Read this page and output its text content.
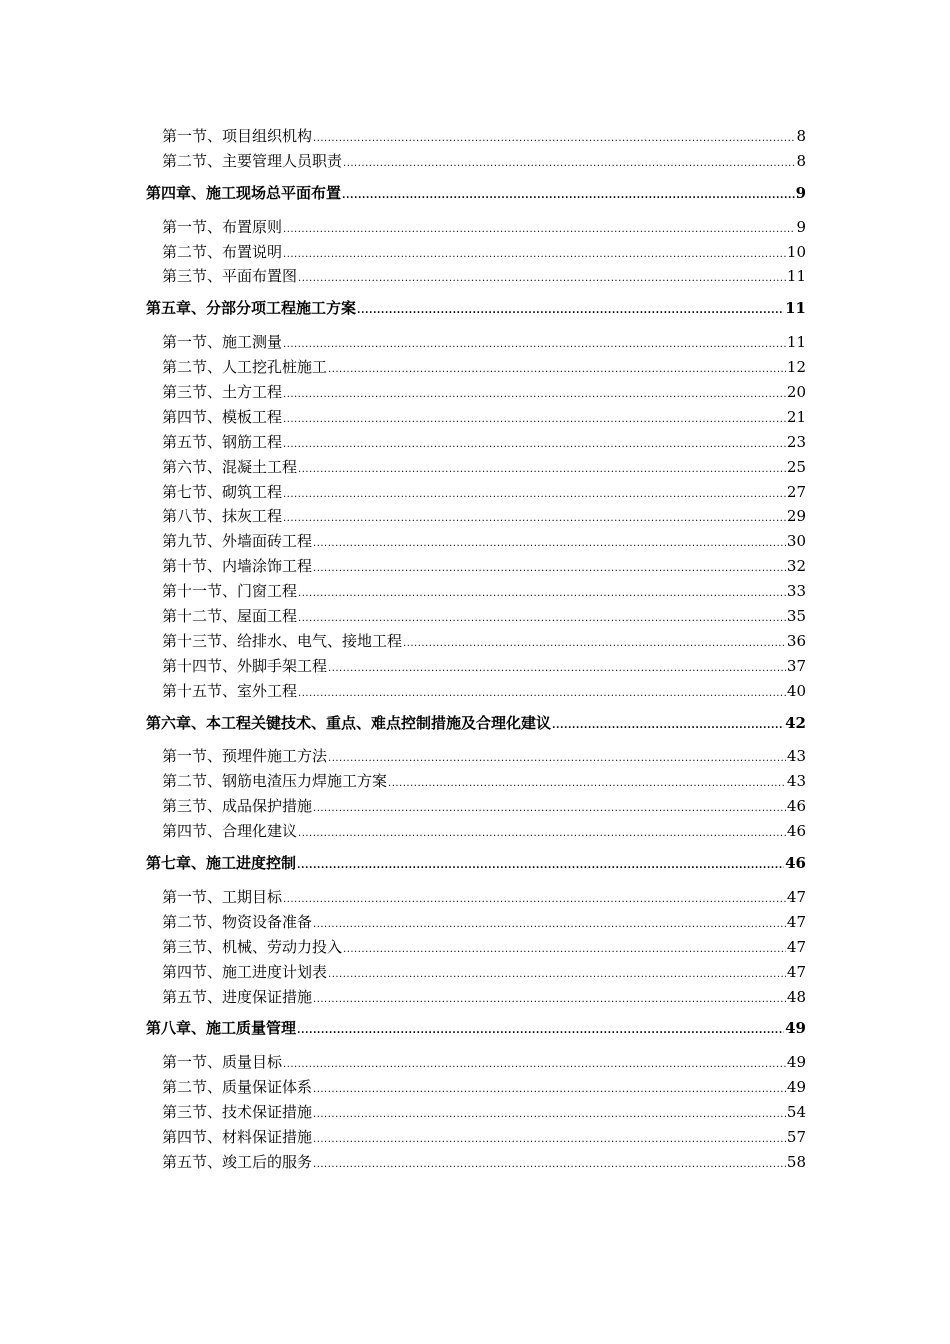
第一节、项目组织机构 .....	8
第二节、主要管理人员职责 .....	8
第四章、施工现场总平面布置 .....	9
第一节、布置原则 .....	9
第二节、布置说明 .....	10
第三节、平面布置图 .....	11
第五章、分部分项工程施工方案 .....	11
第一节、施工测量 .....	11
第二节、人工挖孔桩施工 .....	12
第三节、土方工程 .....	20
第四节、模板工程 .....	21
第五节、钢筋工程 .....	23
第六节、混凝土工程 .....	25
第七节、砌筑工程 .....	27
第八节、抹灰工程 .....	29
第九节、外墙面砖工程 .....	30
第十节、内墙涂饰工程 .....	32
第十一节、门窗工程 .....	33
第十二节、屋面工程 .....	35
第十三节、给排水、电气、接地工程 .....	36
第十四节、外脚手架工程 .....	37
第十五节、室外工程 .....	40
第六章、本工程关键技术、重点、难点控制措施及合理化建议 .....	42
第一节、预埋件施工方法 .....	43
第二节、钢筋电渣压力焊施工方案 .....	43
第三节、成品保护措施 .....	46
第四节、合理化建议 .....	46
第七章、施工进度控制 .....	46
第一节、工期目标 .....	47
第二节、物资设备准备 .....	47
第三节、机械、劳动力投入 .....	47
第四节、施工进度计划表 .....	47
第五节、进度保证措施 .....	48
第八章、施工质量管理 .....	49
第一节、质量目标 .....	49
第二节、质量保证体系 .....	49
第三节、技术保证措施 .....	54
第四节、材料保证措施 .....	57
第五节、竣工后的服务 .....	58
